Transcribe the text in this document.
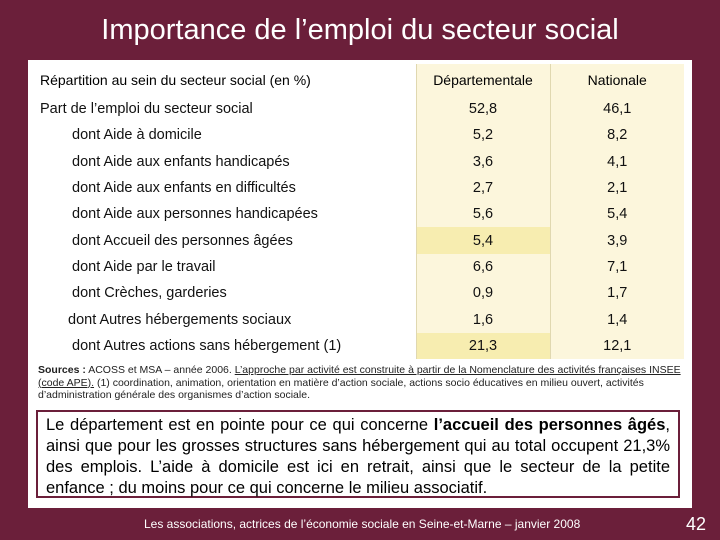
Importance de l’emploi du secteur social
Répartition au sein du secteur social (en %)	Départementale	Nationale
Part de l’emploi du secteur social	52,8	46,1
dont Aide à domicile	5,2	8,2
dont Aide aux enfants handicapés	3,6	4,1
dont Aide aux enfants en difficultés	2,7	2,1
dont Aide aux personnes handicapées	5,6	5,4
dont Accueil des personnes âgées	5,4	3,9
dont Aide par le travail	6,6	7,1
dont Crèches, garderies	0,9	1,7
dont Autres hébergements sociaux	1,6	1,4
dont Autres actions sans hébergement (1)	21,3	12,1
Sources : ACOSS et MSA – année 2006. L’approche par activité est construite à partir de la Nomenclature des activités françaises INSEE (code APE). (1) coordination, animation, orientation en matière d’action sociale, actions socio éducatives en milieu ouvert, activités d’administration générale des organismes d’action sociale.
Le département est en pointe pour ce qui concerne l’accueil des personnes âgés, ainsi que pour les grosses structures sans hébergement qui au total occupent 21,3% des emplois. L’aide à domicile est ici en retrait, ainsi que le secteur de la petite enfance ; du moins pour ce qui concerne le milieu associatif.
Les associations, actrices de l’économie sociale en Seine-et-Marne – janvier 2008	42
